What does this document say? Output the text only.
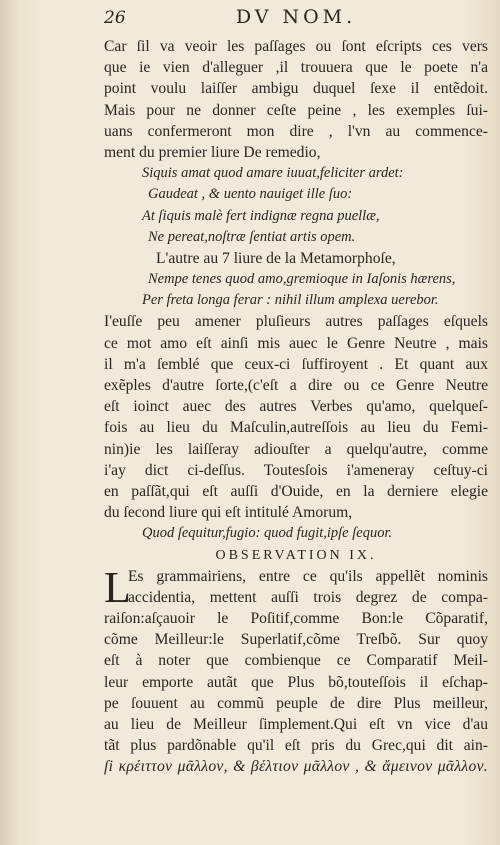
26	DV NOM.
Car ſil va veoir les paſſages ou ſont eſcripts ces vers
que ie vien d'alleguer ,il trouuera que le poete n'a
point voulu laiſſer ambigu duquel ſexe il entẽdoit.
Mais pour ne donner ceſte peine , les exemples ſui-
uans confermeront mon dire , l'vn au commence-
ment du premier liure De remedio,
Siquis amat quod amare iuuat,feliciter ardet:
Gaudeat , & uento nauiget ille ſuo:
At ſiquis malè fert indignæ regna puellæ,
Ne pereat,noſtræ ſentiat artis opem.
L'autre au 7 liure de la Metamorphoſe,
Nempe tenes quod amo,gremioque in Iaſonis hærens,
Per freta longa ferar : nihil illum amplexa uerebor.
I'euſſe peu amener pluſieurs autres paſſages eſquels
ce mot amo eſt ainſi mis auec le Genre Neutre , mais
il m'a ſemblé que ceux-ci ſuffiroyent . Et quant aux
exẽples d'autre ſorte,(c'eſt a dire ou ce Genre Neutre
eſt ioinct auec des autres Verbes qu'amo, quelqueſ-
fois au lieu du Maſculin,autreſſois au lieu du Femi-
nin)ie les laiſſeray adiouſter a quelqu'autre, comme
i'ay dict ci-deſſus. Toutesſois i'ameneray ceſtuy-ci
en paſſãt,qui eſt auſſi d'Ouide, en la derniere elegie
du ſecond liure qui eſt intitulé Amorum,
Quod ſequitur,fugio: quod fugit,ipſe ſequor.
OBSERVATION IX.
L
Es grammairiens, entre ce qu'ils appellẽt nominis
accidentia, mettent auſſi trois degrez de compa-
raiſon:aſçauoir le Poſitif,comme Bon:le Cõparatif,
cõme Meilleur:le Superlatif,cõme Treſbõ. Sur quoy
eſt à noter que combienque ce Comparatif Meil-
leur emporte autãt que Plus bõ,touteſſois il eſchap-
pe ſouuent au commũ peuple de dire Plus meilleur,
au lieu de Meilleur ſimplement.Qui eſt vn vice d'au
tãt plus pardõnable qu'il eſt pris du Grec,qui dit ain-
ſi κρέιττον μᾶλλον, & βέλτιον μᾶλλον , & ἄμεινον μᾶλλον.
